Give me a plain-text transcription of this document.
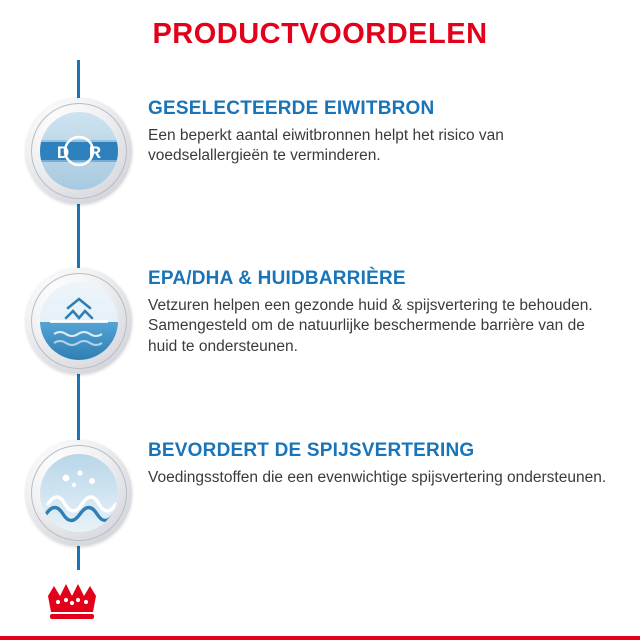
PRODUCTVOORDELEN
D R
GESELECTEERDE EIWITBRON
Een beperkt aantal eiwitbronnen helpt het risico van voedselallergieën te verminderen.
EPA/DHA & HUIDBARRIÈRE
Vetzuren helpen een gezonde huid & spijsvertering te behouden. Samengesteld om de natuurlijke beschermende barrière van de huid te ondersteunen.
BEVORDERT DE SPIJSVERTERING
Voedingsstoffen die een evenwichtige spijsvertering ondersteunen.
